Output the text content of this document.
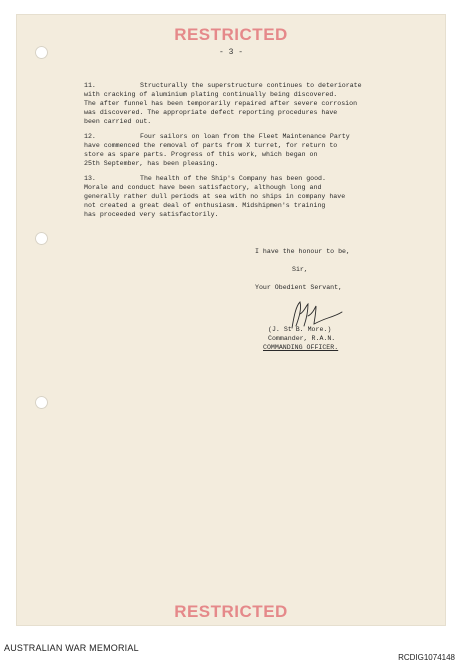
RESTRICTED
- 3 -
11.	Structurally the superstructure continues to deteriorate
with cracking of aluminium plating continually being discovered.
The after funnel has been temporarily repaired after severe corrosion
was discovered. The appropriate defect reporting procedures have
been carried out.
12.	Four sailors on loan from the Fleet Maintenance Party
have commenced the removal of parts from X turret, for return to
store as spare parts. Progress of this work, which began on
25th September, has been pleasing.
13.	The health of the Ship's Company has been good.
Morale and conduct have been satisfactory, although long and
generally rather dull periods at sea with no ships in company have
not created a great deal of enthusiasm. Midshipmen's training
has proceeded very satisfactorily.
I have the honour to be,
Sir,
Your Obedient Servant,
(J. St B. More.)
Commander, R.A.N.
COMMANDING OFFICER.
RESTRICTED
AUSTRALIAN WAR MEMORIAL
RCDIG1074148
